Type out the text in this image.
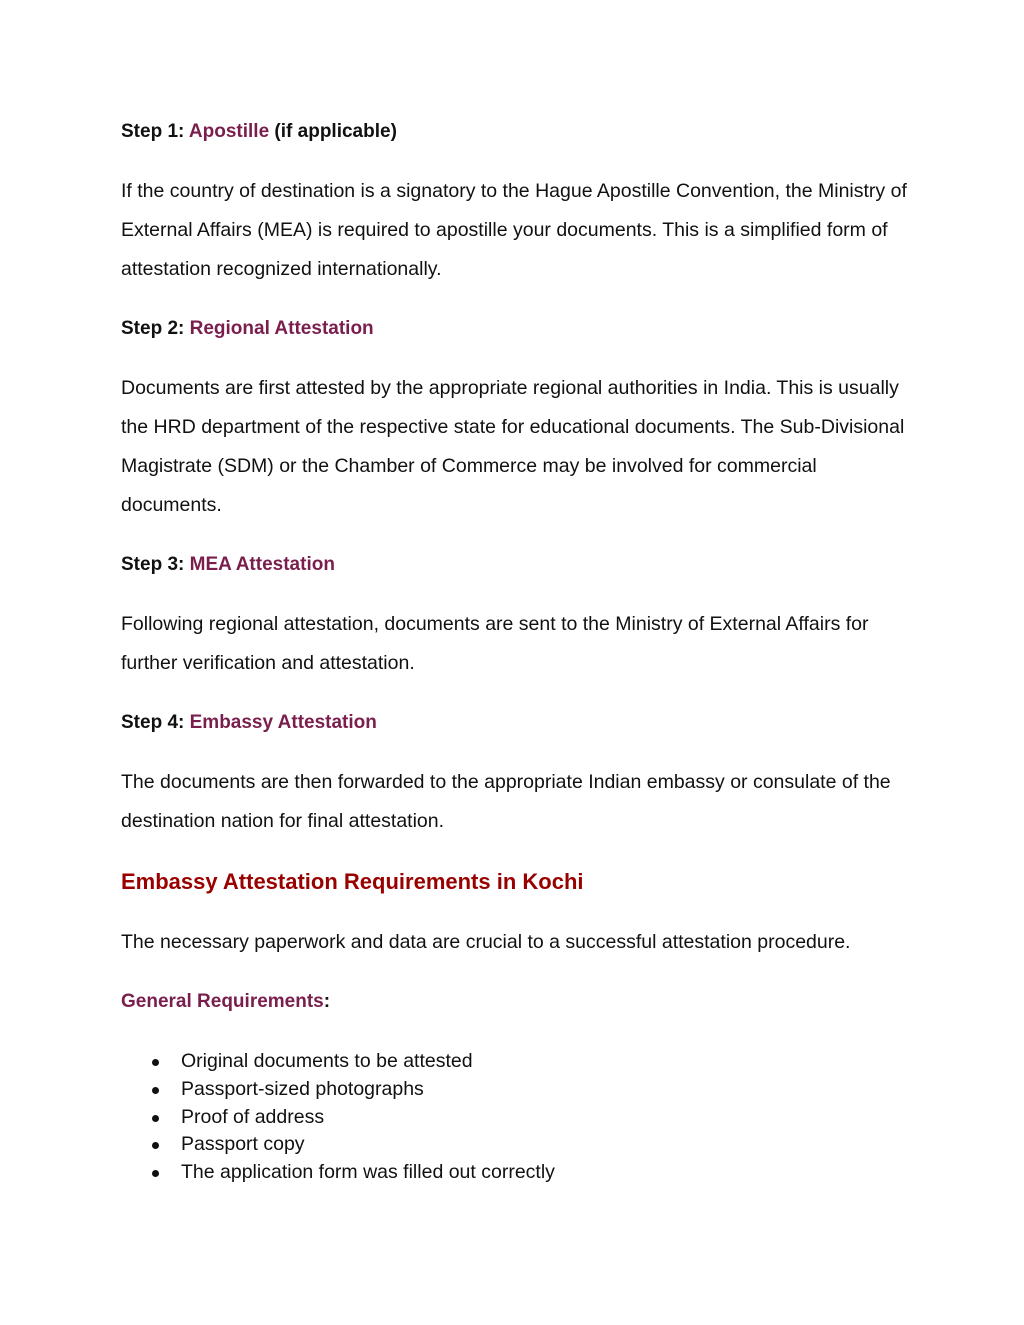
Step 1: Apostille (if applicable)

If the country of destination is a signatory to the Hague Apostille Convention, the Ministry of External Affairs (MEA) is required to apostille your documents. This is a simplified form of attestation recognized internationally.

Step 2: Regional Attestation

Documents are first attested by the appropriate regional authorities in India. This is usually the HRD department of the respective state for educational documents. The Sub-Divisional Magistrate (SDM) or the Chamber of Commerce may be involved for commercial documents.

Step 3: MEA Attestation

Following regional attestation, documents are sent to the Ministry of External Affairs for further verification and attestation.

Step 4: Embassy Attestation

The documents are then forwarded to the appropriate Indian embassy or consulate of the destination nation for final attestation.

Embassy Attestation Requirements in Kochi

The necessary paperwork and data are crucial to a successful attestation procedure.

General Requirements:

Original documents to be attested
Passport-sized photographs
Proof of address
Passport copy
The application form was filled out correctly
